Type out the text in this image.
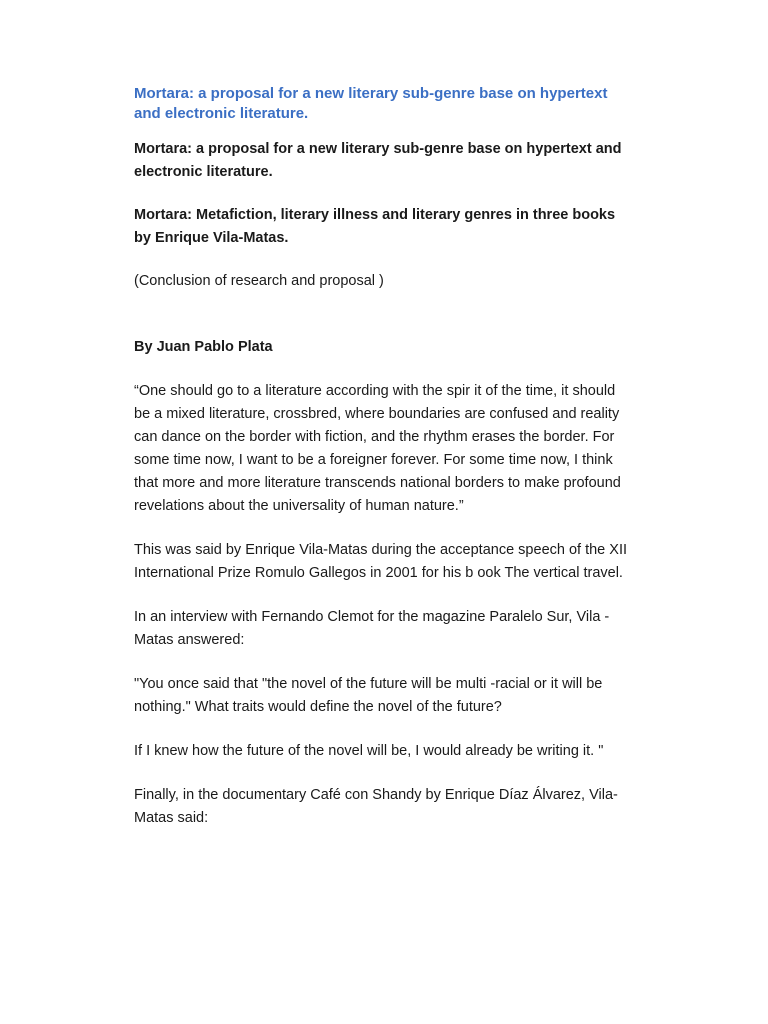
Mortara: a proposal for a new literary sub-genre base on hypertext and electronic literature.

Mortara: a proposal for a new literary sub-genre base on hypertext and electronic literature.

Mortara: Metafiction, literary illness and literary genres in three books by Enrique Vila-Matas.

(Conclusion of research and proposal )

By Juan Pablo Plata

“One should go to a literature according with the spir it of the time, it should be a mixed literature, crossbred, where boundaries are confused and reality can dance on the border with fiction, and the rhythm erases the border. For some time now, I want to be a foreigner forever. For some time now, I think that more and more literature transcends national borders to make profound revelations about the universality of human nature.”

This was said by Enrique Vila-Matas during the acceptance speech of the XII International Prize Romulo Gallegos in 2001 for his b ook The vertical travel.

In an interview with Fernando Clemot for the magazine Paralelo Sur, Vila - Matas answered:

"You once said that "the novel of the future will be multi -racial or it will be nothing." What traits would define the novel of the future?

If I knew how the future of the novel will be, I would already be writing it. "

Finally, in the documentary Café con Shandy by Enrique Díaz Álvarez, Vila-Matas said:
